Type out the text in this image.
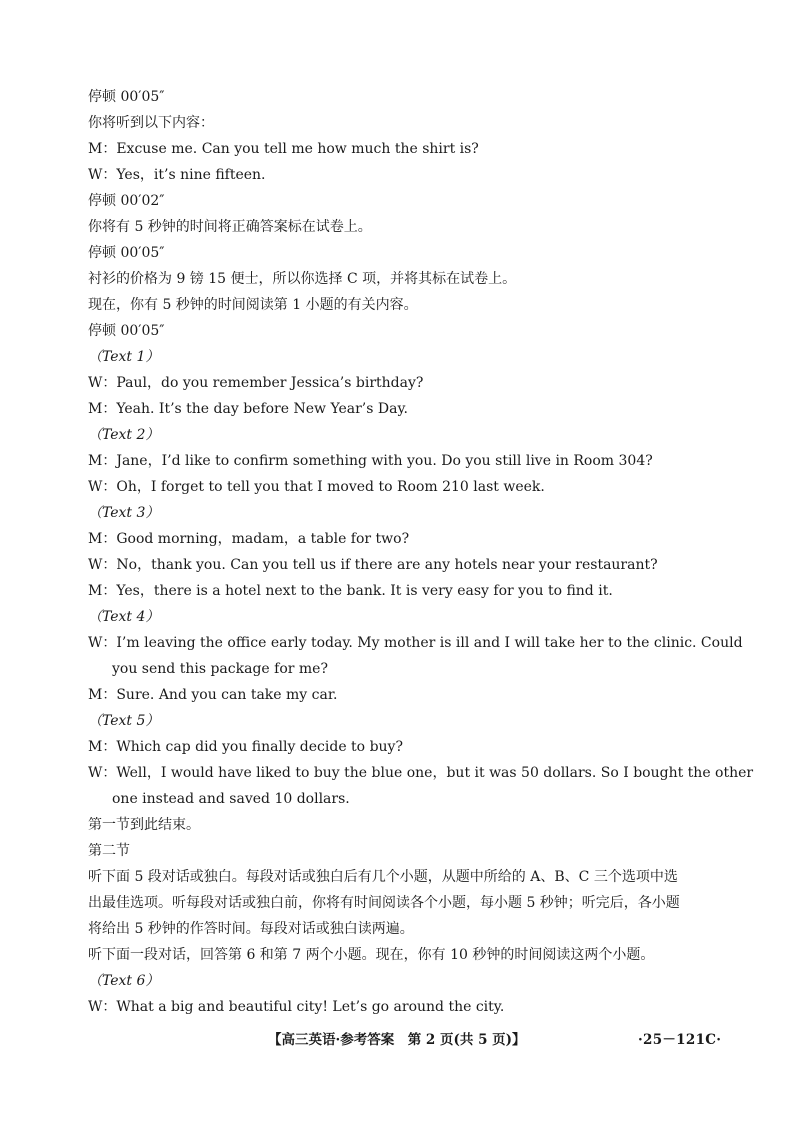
停顿 00′05″
你将听到以下内容：
M：Excuse me. Can you tell me how much the shirt is?
W：Yes，it’s nine fifteen.
停顿 00′02″
你将有 5 秒钟的时间将正确答案标在试卷上。
停顿 00′05″
衬衫的价格为 9 镑 15 便士，所以你选择 C 项，并将其标在试卷上。
现在，你有 5 秒钟的时间阅读第 1 小题的有关内容。
停顿 00′05″
（Text 1）
W：Paul，do you remember Jessica’s birthday?
M：Yeah. It’s the day before New Year’s Day.
（Text 2）
M：Jane，I’d like to confirm something with you. Do you still live in Room 304?
W：Oh，I forget to tell you that I moved to Room 210 last week.
（Text 3）
M：Good morning，madam，a table for two?
W：No，thank you. Can you tell us if there are any hotels near your restaurant?
M：Yes，there is a hotel next to the bank. It is very easy for you to find it.
（Text 4）
W：I’m leaving the office early today. My mother is ill and I will take her to the clinic. Could
you send this package for me?
M：Sure. And you can take my car.
（Text 5）
M：Which cap did you finally decide to buy?
W：Well，I would have liked to buy the blue one，but it was 50 dollars. So I bought the other
one instead and saved 10 dollars.
第一节到此结束。
第二节
听下面 5 段对话或独白。每段对话或独白后有几个小题，从题中所给的 A、B、C 三个选项中选
出最佳选项。听每段对话或独白前，你将有时间阅读各个小题，每小题 5 秒钟；听完后，各小题
将给出 5 秒钟的作答时间。每段对话或独白读两遍。
听下面一段对话，回答第 6 和第 7 两个小题。现在，你有 10 秒钟的时间阅读这两个小题。
（Text 6）
W：What a big and beautiful city! Let’s go around the city.
【高三英语·参考答案　第 2 页(共 5 页)】	·25－121C·
